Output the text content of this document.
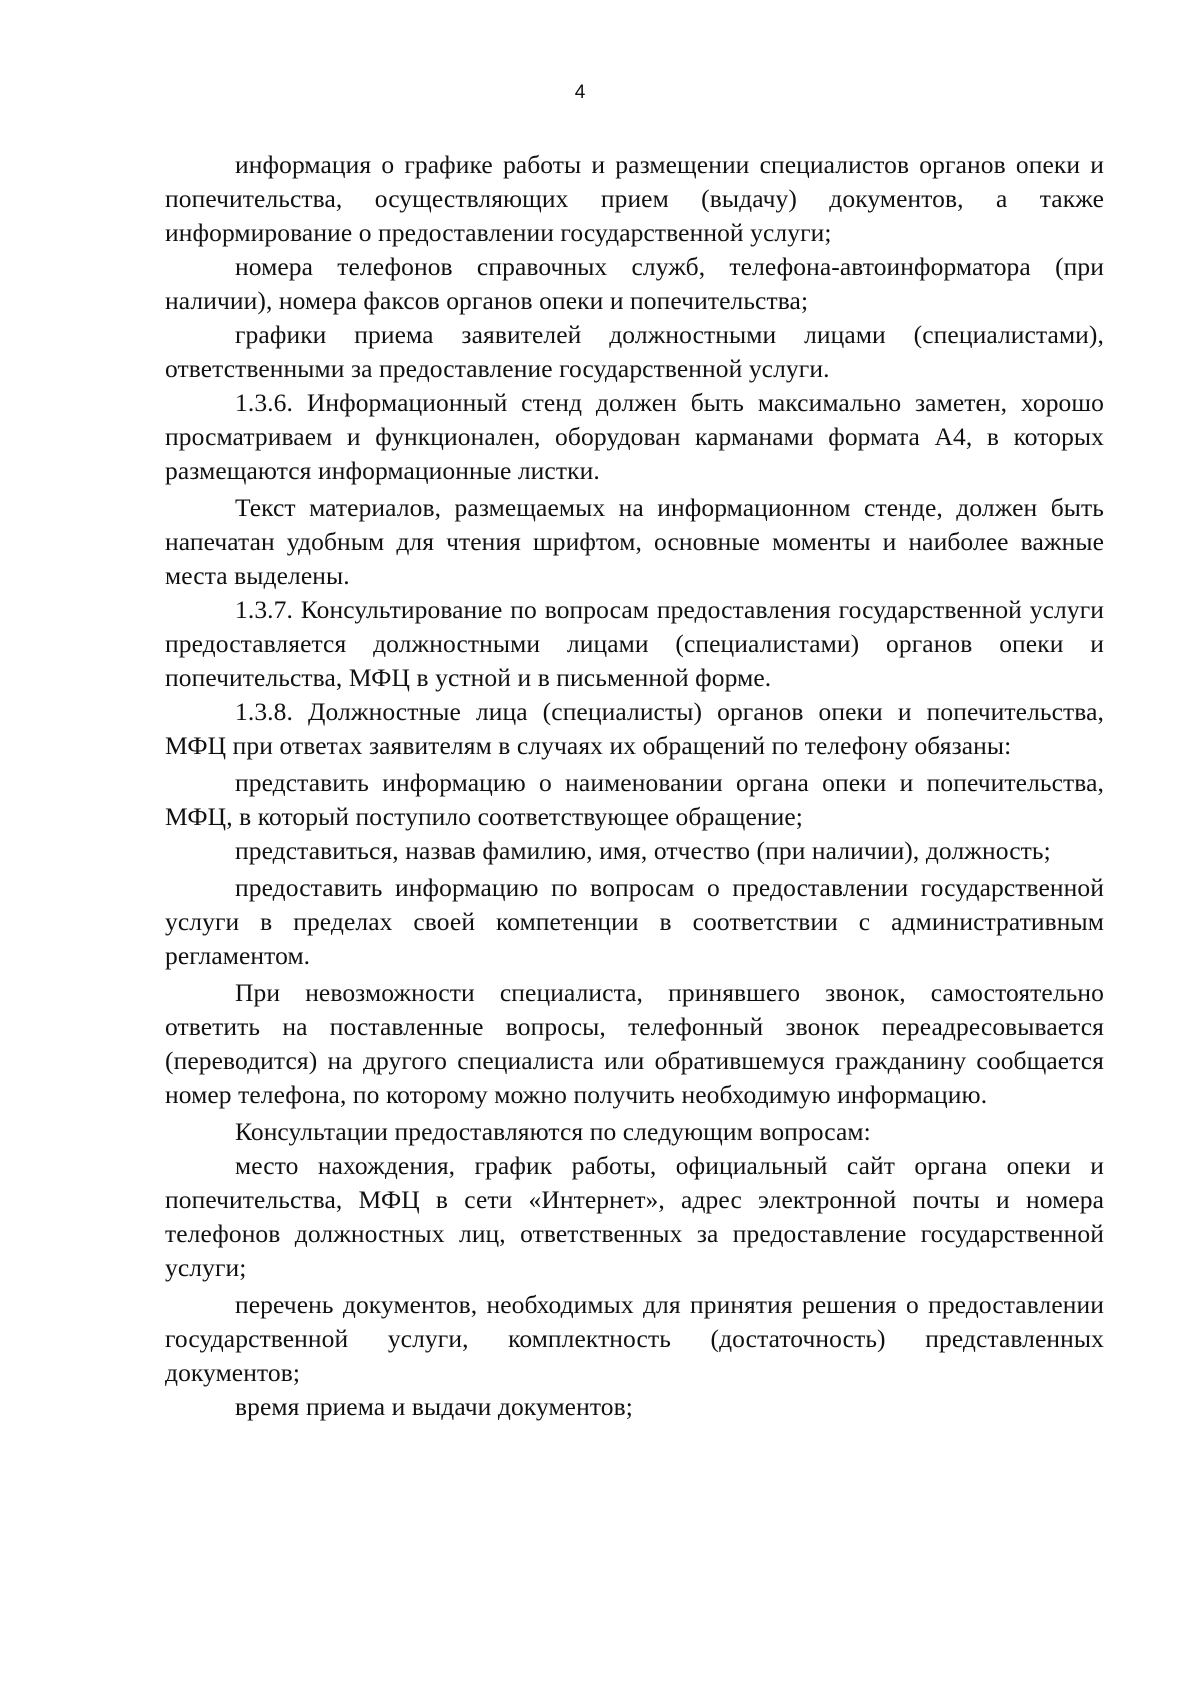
4

информация о графике работы и размещении специалистов органов опеки и попечительства, осуществляющих прием (выдачу) документов, а также информирование о предоставлении государственной услуги;

номера телефонов справочных служб, телефона-автоинформатора (при наличии), номера факсов органов опеки и попечительства;

графики приема заявителей должностными лицами (специалистами), ответственными за предоставление государственной услуги.

1.3.6. Информационный стенд должен быть максимально заметен, хорошо просматриваем и функционален, оборудован карманами формата А4, в которых размещаются информационные листки.

Текст материалов, размещаемых на информационном стенде, должен быть напечатан удобным для чтения шрифтом, основные моменты и наиболее важные места выделены.

1.3.7. Консультирование по вопросам предоставления государственной услуги предоставляется должностными лицами (специалистами) органов опеки и попечительства, МФЦ в устной и в письменной форме.

1.3.8. Должностные лица (специалисты) органов опеки и попечительства, МФЦ при ответах заявителям в случаях их обращений по телефону обязаны:

представить информацию о наименовании органа опеки и попечительства, МФЦ, в который поступило соответствующее обращение;

представиться, назвав фамилию, имя, отчество (при наличии), должность;

предоставить информацию по вопросам о предоставлении государственной услуги в пределах своей компетенции в соответствии с административным регламентом.

При невозможности специалиста, принявшего звонок, самостоятельно ответить на поставленные вопросы, телефонный звонок переадресовывается (переводится) на другого специалиста или обратившемуся гражданину сообщается номер телефона, по которому можно получить необходимую информацию.

Консультации предоставляются по следующим вопросам:

место нахождения, график работы, официальный сайт органа опеки и попечительства, МФЦ в сети «Интернет», адрес электронной почты и номера телефонов должностных лиц, ответственных за предоставление государственной услуги;

перечень документов, необходимых для принятия решения о предоставлении государственной услуги, комплектность (достаточность) представленных документов;

время приема и выдачи документов;
